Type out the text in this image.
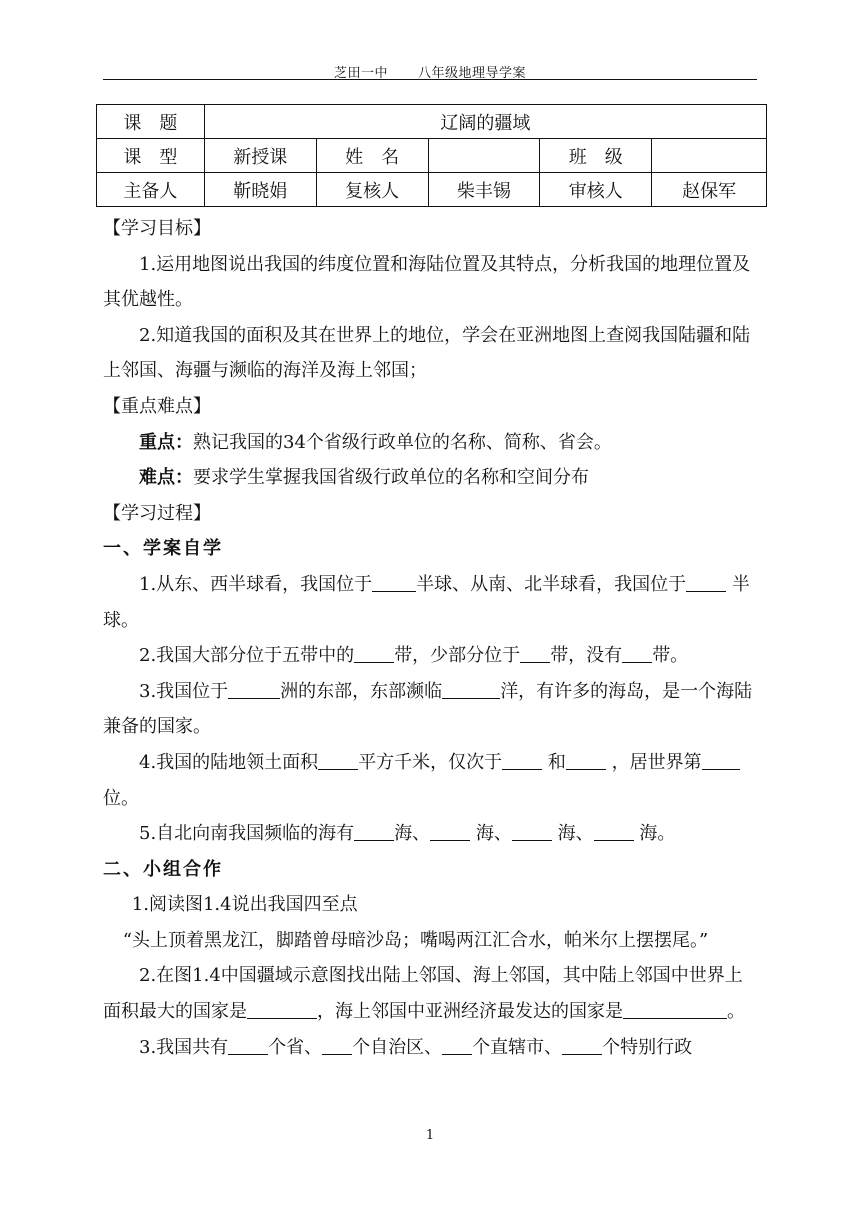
芝田一中 八年级地理导学案
课　题	辽阔的疆域				
课　型	新授课	姓　名		班　级	
主备人	靳晓娟	复核人	柴丰锡	审核人	赵保军

【学习目标】

1.运用地图说出我国的纬度位置和海陆位置及其特点，分析我国的地理位置及其优越性。

2.知道我国的面积及其在世界上的地位，学会在亚洲地图上查阅我国陆疆和陆上邻国、海疆与濒临的海洋及海上邻国；

【重点难点】

重点：熟记我国的34个省级行政单位的名称、简称、省会。

难点：要求学生掌握我国省级行政单位的名称和空间分布

【学习过程】

一、学案自学

1.从东、西半球看，我国位于 半球、从南、北半球看，我国位于 半球。

2.我国大部分位于五带中的 带，少部分位于 带，没有 带。

3.我国位于	洲的东部，东部濒临	洋，有许多的海岛，是一个海陆兼备的国家。

4.我国的陆地领土面积 平方千米，仅次于 和 ，居世界第位。

5.自北向南我国频临的海有 海、 海、 海、 海。

二、小组合作

1.阅读图1.4说出我国四至点

“头上顶着黑龙江，脚踏曾母暗沙岛；嘴喝两江汇合水，帕米尔上摆摆尾。”

2.在图1.4中国疆域示意图找出陆上邻国、海上邻国，其中陆上邻国中世界上面积最大的国家是	，海上邻国中亚洲经济最发达的国家是	。

3.我国共有 个省、 个自治区、 个直辖市、 个特别行政

1
